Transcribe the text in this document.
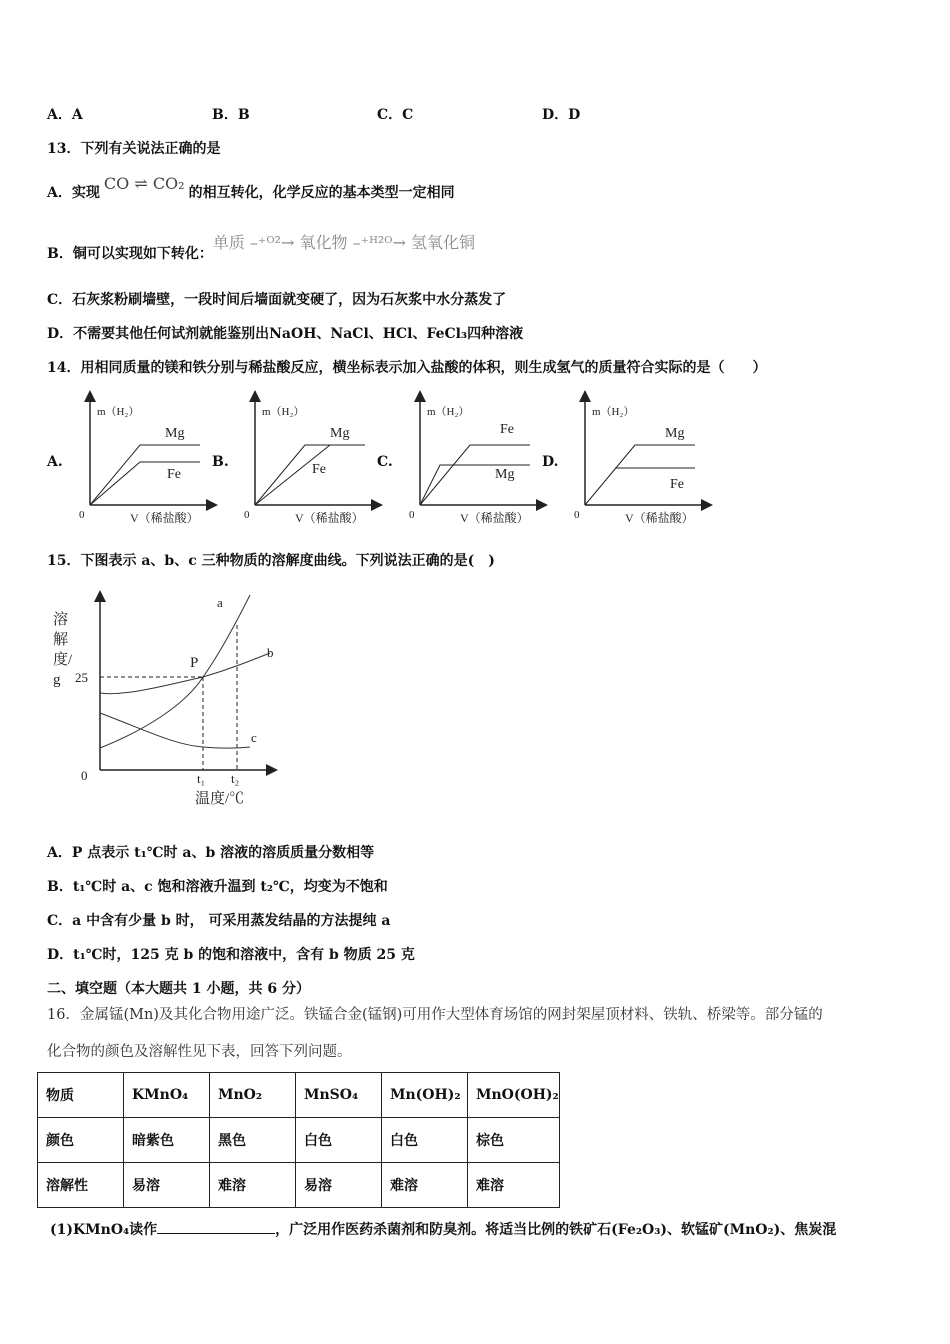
A．A	B．B	C．C	D．D
13．下列有关说法正确的是
A．实现 CO ⇌ CO₂ 的相互转化，化学反应的基本类型一定相同
B．铜可以实现如下转化：单质 –⁺ᴼ²→ 氧化物 –⁺ᴴ²ᴼ→ 氢氧化铜
C．石灰浆粉刷墙壁，一段时间后墙面就变硬了，因为石灰浆中水分蒸发了
D．不需要其他任何试剂就能鉴别出NaOH、NaCl、HCl、FeCl₃四种溶液
14．用相同质量的镁和铁分别与稀盐酸反应，横坐标表示加入盐酸的体积，则生成氢气的质量符合实际的是（　　）
A.
m（H₂）
0	V（稀盐酸）
Mg
Fe
B.
m（H₂）
0	V（稀盐酸）
Mg
Fe	C.
m（H₂）
0	V（稀盐酸）
Fe
Mg
D.
m（H₂）
0	V（稀盐酸）
Mg
Fe
15．下图表示 a、b、c 三种物质的溶解度曲线。下列说法正确的是(　)
25
0	t₁ t₂
温度/℃
P
a
b
c
溶解度/g
A．P 点表示 t₁℃时 a、b 溶液的溶质质量分数相等
B．t₁℃时 a、c 饱和溶液升温到 t₂℃，均变为不饱和
C．a 中含有少量 b 时， 可采用蒸发结晶的方法提纯 a
D．t₁℃时，125 克 b 的饱和溶液中，含有 b 物质 25 克
二、填空题（本大题共 1 小题，共 6 分）
16．金属锰(Mn)及其化合物用途广泛。铁锰合金(锰钢)可用作大型体育场馆的网封架屋顶材料、铁轨、桥梁等。部分锰的
化合物的颜色及溶解性见下表，回答下列问题。
物质	KMnO₄	MnO₂	MnSO₄	Mn(OH)₂	MnO(OH)₂
颜色	暗紫色	黑色	白色	白色	棕色
溶解性	易溶	难溶	易溶	难溶	难溶
(1)KMnO₄读作	，广泛用作医药杀菌剂和防臭剂。将适当比例的铁矿石(Fe₂O₃)、软锰矿(MnO₂)、焦炭混
